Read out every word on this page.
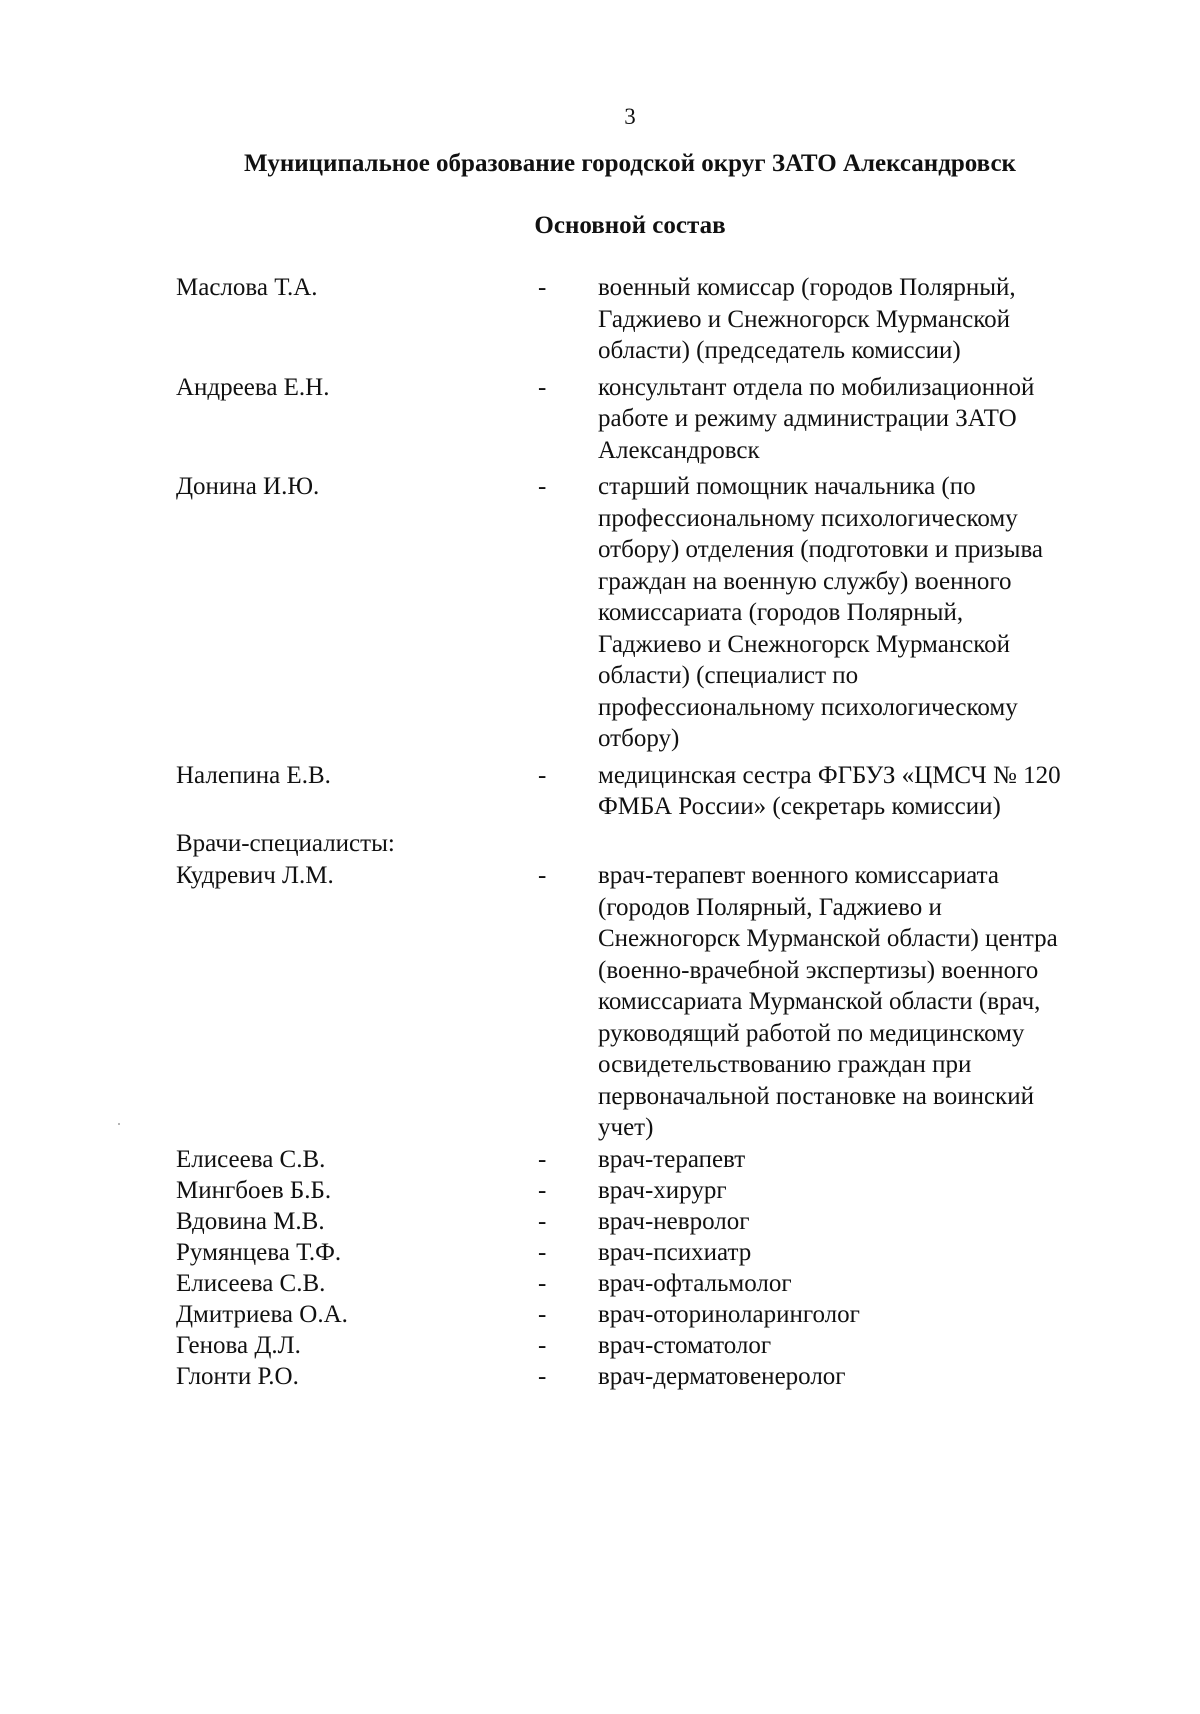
3
Муниципальное образование городской округ ЗАТО Александровск
Основной состав
Маслова Т.А.	-	военный комиссар (городов Полярный,
Гаджиево и Снежногорск Мурманской
области) (председатель комиссии)
Андреева Е.Н.	-	консультант отдела по мобилизационной
работе и режиму администрации ЗАТО
Александровск
Донина И.Ю.	-	старший помощник начальника (по
профессиональному психологическому
отбору) отделения (подготовки и призыва
граждан на военную службу) военного
комиссариата (городов Полярный,
Гаджиево и Снежногорск Мурманской
области) (специалист по
профессиональному психологическому
отбору)
Налепина Е.В.	-	медицинская сестра ФГБУЗ «ЦМСЧ № 120
ФМБА России» (секретарь комиссии)
Врачи-специалисты:
Кудревич Л.М.	-	врач-терапевт военного комиссариата
(городов Полярный, Гаджиево и
Снежногорск Мурманской области) центра
(военно-врачебной экспертизы) военного
комиссариата Мурманской области (врач,
руководящий работой по медицинскому
освидетельствованию граждан при
первоначальной постановке на воинский
учет)
Елисеева С.В.	-	врач-терапевт
Мингбоев Б.Б.	-	врач-хирург
Вдовина М.В.	-	врач-невролог
Румянцева Т.Ф.	-	врач-психиатр
Елисеева С.В.	-	врач-офтальмолог
Дмитриева О.А.	-	врач-оториноларинголог
Генова Д.Л.	-	врач-стоматолог
Глонти Р.О.	-	врач-дерматовенеролог
